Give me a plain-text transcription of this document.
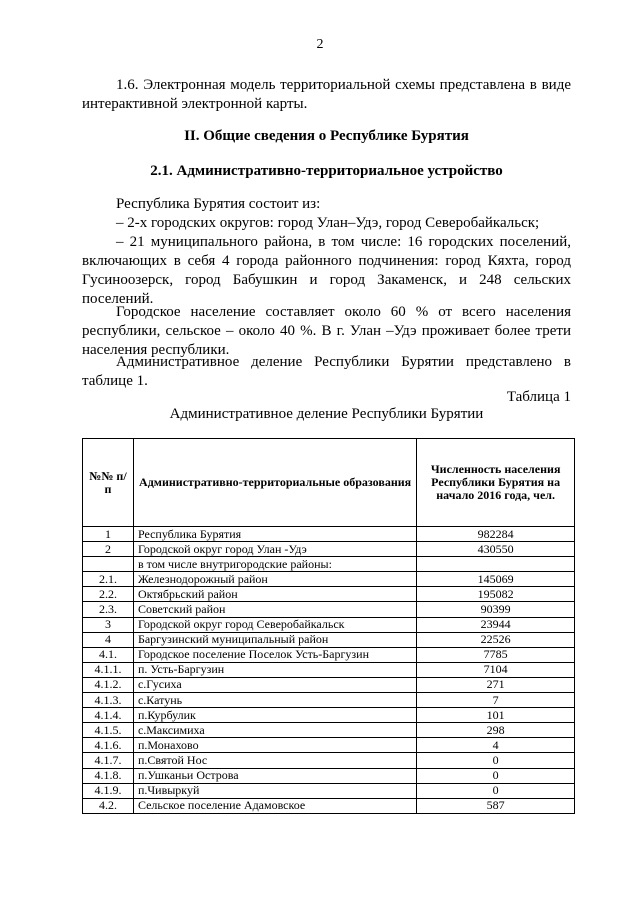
2
1.6. Электронная модель территориальной схемы представлена в виде интерактивной электронной карты.
II. Общие сведения о Республике Бурятия
2.1. Административно-территориальное устройство
Республика Бурятия состоит из:
– 2-х городских округов: город Улан–Удэ, город Северобайкальск;
– 21 муниципального района, в том числе: 16 городских поселений, включающих в себя 4 города районного подчинения: город Кяхта, город Гусиноозерск, город Бабушкин и город Закаменск, и 248 сельских поселений.
Городское население составляет около 60 % от всего населения республики, сельское – около 40 %. В г. Улан –Удэ проживает более трети населения республики.
Административное деление Республики Бурятии представлено в таблице 1.
Таблица 1
Административное деление Республики Бурятии
№№ п/п	Административно-территориальные образования	Численность населения Республики Бурятия на начало 2016 года, чел.
1	Республика Бурятия	982284
2	Городской округ город Улан -Удэ	430550
	в том числе внутригородские районы:	
2.1.	Железнодорожный район	145069
2.2.	Октябрьский район	195082
2.3.	Советский район	90399
3	Городской округ город Северобайкальск	23944
4	Баргузинский муниципальный район	22526
4.1.	Городское поселение Поселок Усть-Баргузин	7785
4.1.1.	п. Усть-Баргузин	7104
4.1.2.	с.Гусиха	271
4.1.3.	с.Катунь	7
4.1.4.	п.Курбулик	101
4.1.5.	с.Максимиха	298
4.1.6.	п.Монахово	4
4.1.7.	п.Святой Нос	0
4.1.8.	п.Ушканьи Острова	0
4.1.9.	п.Чивыркуй	0
4.2.	Сельское поселение Адамовское	587
